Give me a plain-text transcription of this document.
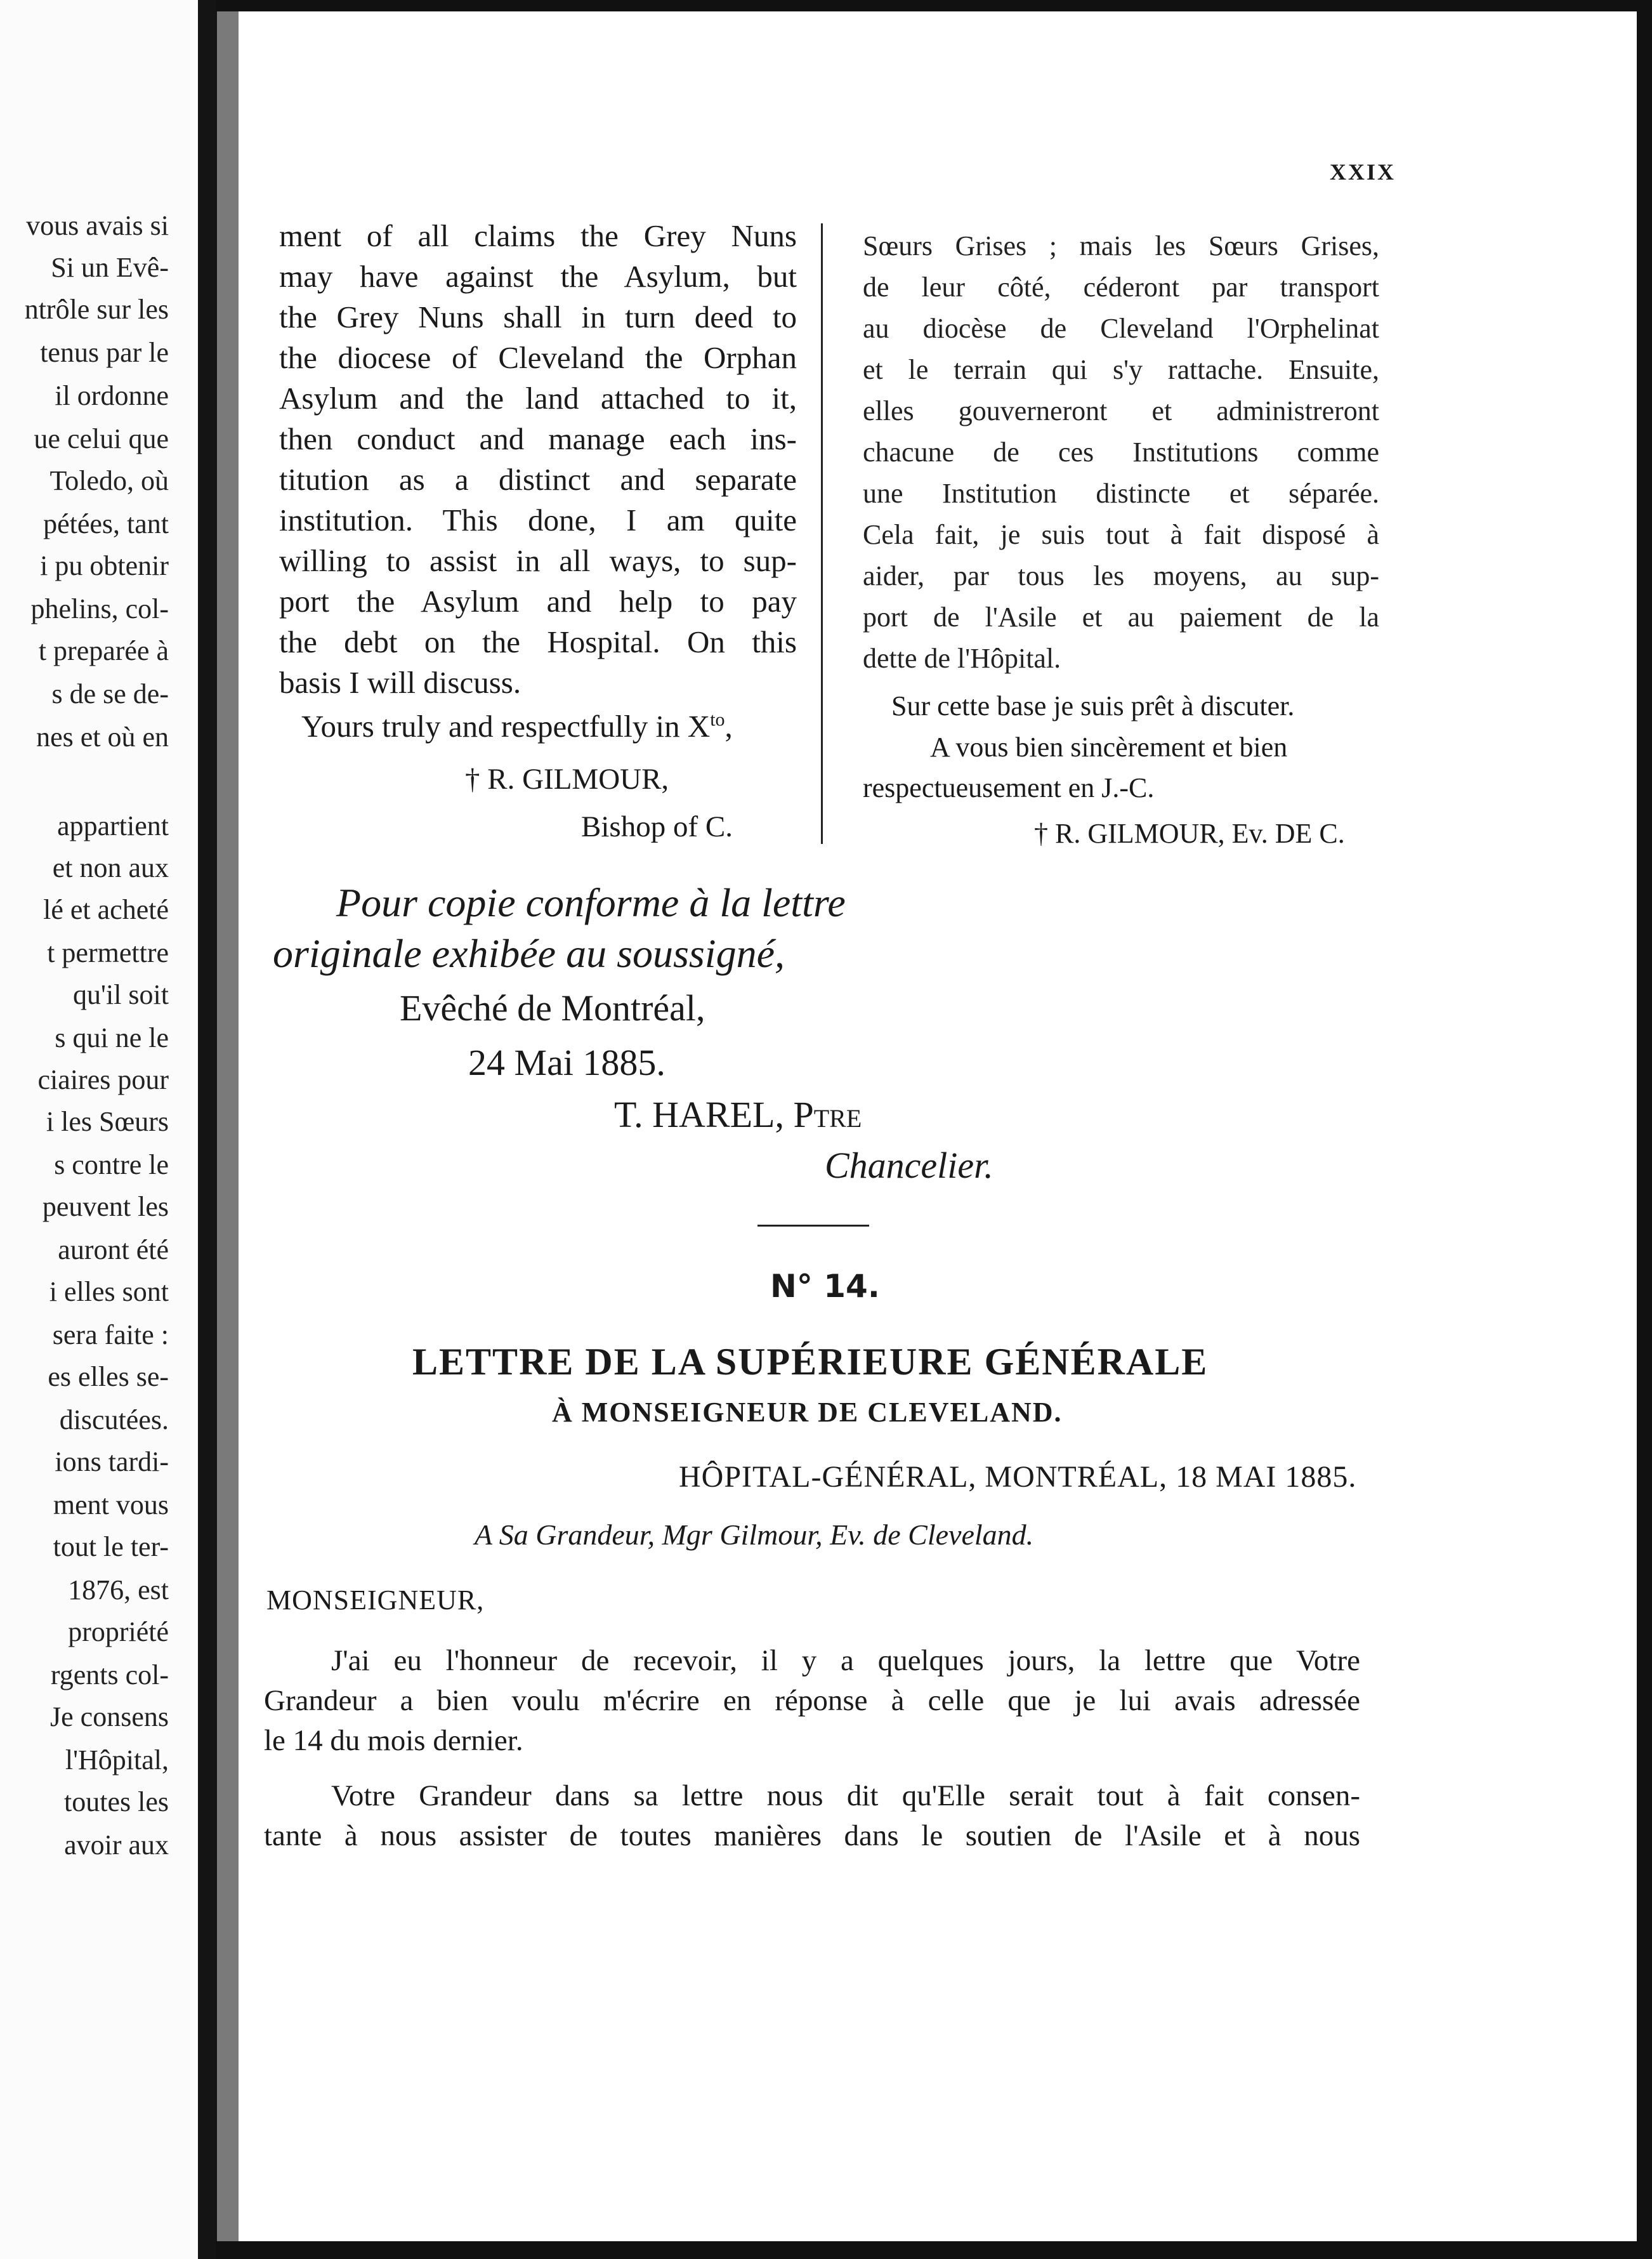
vous avais si
Si un Evê-
ntrôle sur les
tenus par le
il ordonne
ue celui que
Toledo, où
pétées, tant
i pu obtenir
phelins, col-
t preparée à
s de se de-
nes et où en
appartient
et non aux
lé et acheté
t permettre
qu'il soit
s qui ne le
ciaires pour
i les Sœurs
s contre le
peuvent les
auront été
i elles sont
sera faite :
es elles se-
discutées.
ions tardi-
ment vous
tout le ter-
1876, est
propriété
rgents col-
Je consens
l'Hôpital,
toutes les
avoir aux

XXIX

ment of all claims the Grey Nuns
may have against the Asylum, but
the Grey Nuns shall in turn deed to
the diocese of Cleveland the Orphan
Asylum and the land attached to it,
then conduct and manage each ins-
titution as a distinct and separate
institution. This done, I am quite
willing to assist in all ways, to sup-
port the Asylum and help to pay
the debt on the Hospital. On this
basis I will discuss.

Yours truly and respectfully in $X^{to}$,

† R. GILMOUR,

Bishop of C.

Sœurs Grises ; mais les Sœurs Grises,
de leur côté, céderont par transport
au diocèse de Cleveland l'Orphelinat
et le terrain qui s'y rattache. Ensuite,
elles gouverneront et administreront
chacune de ces Institutions comme
une Institution distincte et séparée.
Cela fait, je suis tout à fait disposé à
aider, par tous les moyens, au sup-
port de l'Asile et au paiement de la
dette de l'Hôpital.

Sur cette base je suis prêt à discuter.

A vous bien sincèrement et bien

respectueusement en J.-C.

† R. GILMOUR, Ev. DE C.

Pour copie conforme à la lettre

originale exhibée au soussigné,

Evêché de Montréal,

24 Mai 1885.

T. HAREL, PTRE

Chancelier.

N° 14.

LETTRE DE LA SUPÉRIEURE GÉNÉRALE

À MONSEIGNEUR DE CLEVELAND.

HÔPITAL-GÉNÉRAL, MONTRÉAL, 18 MAI 1885.

A Sa Grandeur, Mgr Gilmour, Ev. de Cleveland.

MONSEIGNEUR,

J'ai eu l'honneur de recevoir, il y a quelques jours, la lettre que Votre
Grandeur a bien voulu m'écrire en réponse à celle que je lui avais adressée
le 14 du mois dernier.
Votre Grandeur dans sa lettre nous dit qu'Elle serait tout à fait consen-
tante à nous assister de toutes manières dans le soutien de l'Asile et à nous
